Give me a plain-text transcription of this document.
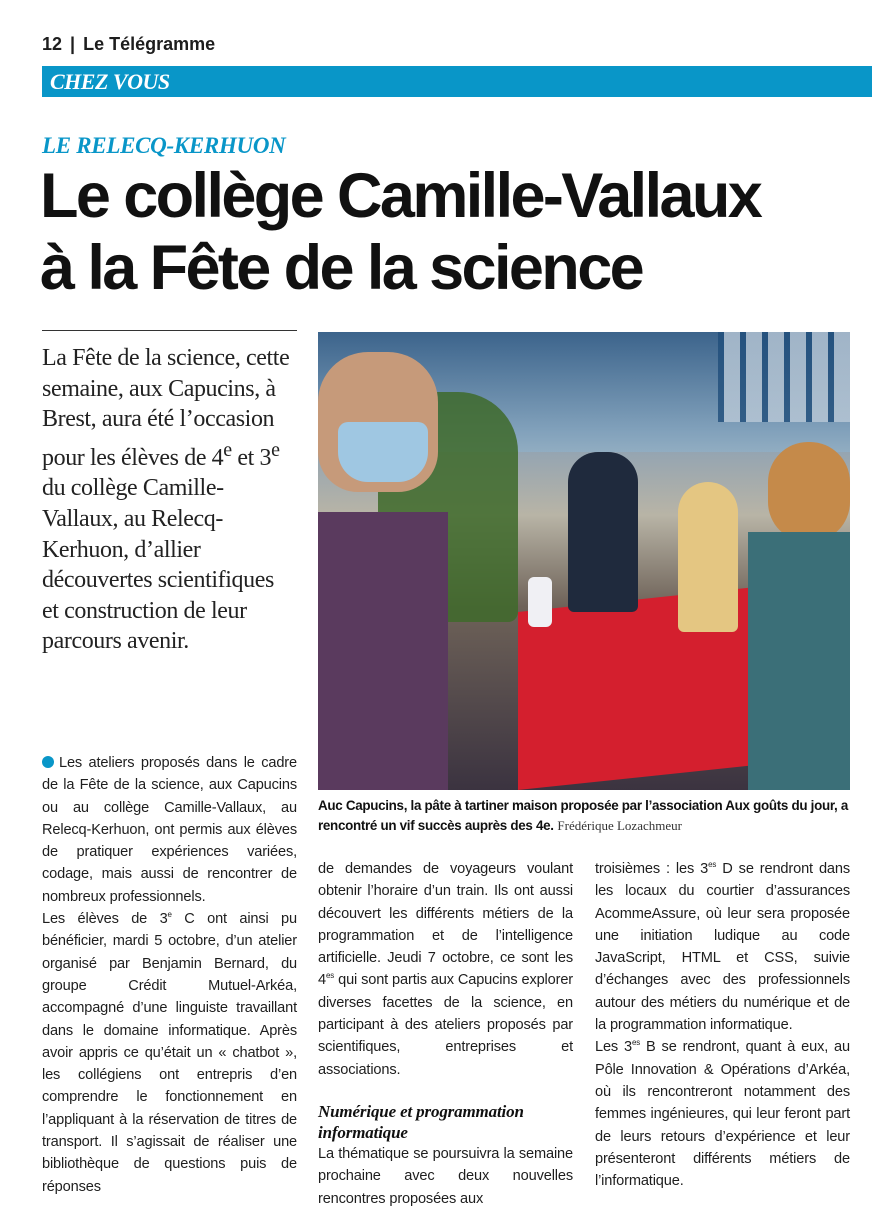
12 | Le Télégramme
CHEZ VOUS
LE RELECQ-KERHUON
Le collège Camille-Vallaux
à la Fête de la science
La Fête de la science, cette semaine, aux Capucins, à Brest, aura été l’occasion pour les élèves de 4e et 3e du collège Camille-Vallaux, au Relecq-Kerhuon, d’allier découvertes scientifiques et construction de leur parcours avenir.
Auc Capucins, la pâte à tartiner maison proposée par l’association Aux goûts du jour, a rencontré un vif succès auprès des 4e. Frédérique Lozachmeur

Les ateliers proposés dans le cadre de la Fête de la science, aux Capucins ou au collège Camille-Vallaux, au Relecq-Kerhuon, ont permis aux élèves de pratiquer expériences variées, codage, mais aussi de rencontrer de nombreux professionnels.

Les élèves de 3e C ont ainsi pu bénéficier, mardi 5 octobre, d’un atelier organisé par Benjamin Bernard, du groupe Crédit Mutuel-Arkéa, accompagné d’une linguiste travaillant dans le domaine informatique. Après avoir appris ce qu’était un « chatbot », les collégiens ont entrepris d’en comprendre le fonctionnement en l’appliquant à la réservation de titres de transport. Il s’agissait de réaliser une bibliothèque de questions puis de réponses

de demandes de voyageurs voulant obtenir l’horaire d’un train. Ils ont aussi découvert les différents métiers de la programmation et de l’intelligence artificielle. Jeudi 7 octobre, ce sont les $4^{es}$ qui sont partis aux Capucins explorer diverses facettes de la science, en participant à des ateliers proposés par scientifiques, entreprises et associations.

Numérique et programmation informatique

La thématique se poursuivra la semaine prochaine avec deux nouvelles rencontres proposées aux

troisièmes : les $3^{es}$ D se rendront dans les locaux du courtier d’assurances AcommeAssure, où leur sera proposée une initiation ludique au code JavaScript, HTML et CSS, suivie d’échanges avec des professionnels autour des métiers du numérique et de la programmation informatique.

Les $3^{es}$ B se rendront, quant à eux, au Pôle Innovation & Opérations d’Arkéa, où ils rencontreront notamment des femmes ingénieures, qui leur feront part de leurs retours d’expérience et leur présenteront différents métiers de l’informatique.
